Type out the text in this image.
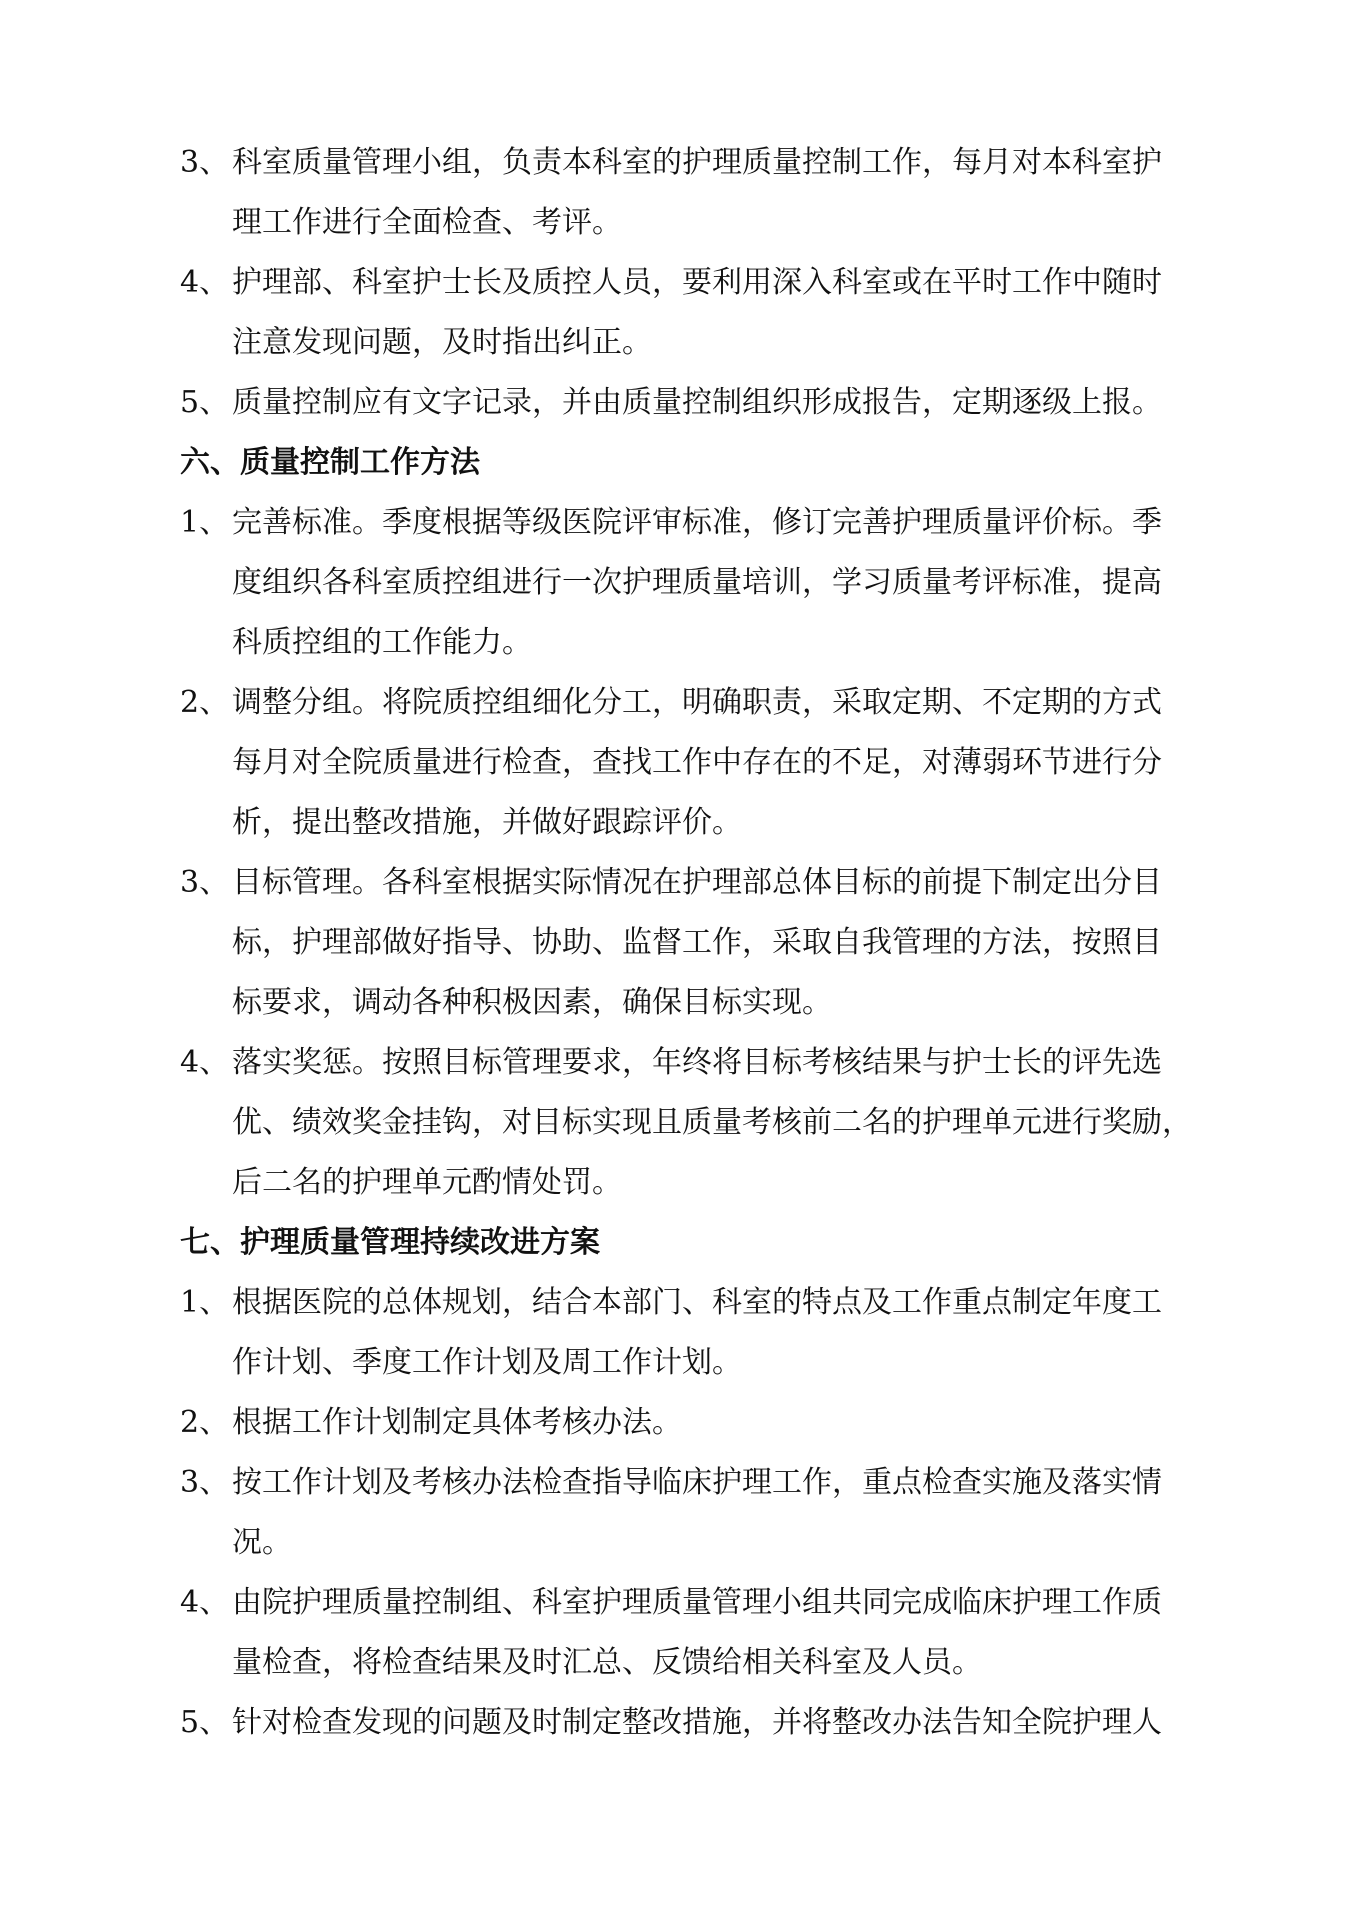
3、 科室质量管理小组，负责本科室的护理质量控制工作，每月对本科室护
理工作进行全面检查、考评。
4、 护理部、科室护士长及质控人员，要利用深入科室或在平时工作中随时
注意发现问题，及时指出纠正。
5、 质量控制应有文字记录，并由质量控制组织形成报告，定期逐级上报。
六、质量控制工作方法
1、 完善标准。季度根据等级医院评审标准，修订完善护理质量评价标。季
度组织各科室质控组进行一次护理质量培训，学习质量考评标准，提高
科质控组的工作能力。
2、 调整分组。将院质控组细化分工，明确职责，采取定期、不定期的方式
每月对全院质量进行检查，查找工作中存在的不足，对薄弱环节进行分
析，提出整改措施，并做好跟踪评价。
3、 目标管理。各科室根据实际情况在护理部总体目标的前提下制定出分目
标，护理部做好指导、协助、监督工作，采取自我管理的方法，按照目
标要求，调动各种积极因素，确保目标实现。
4、 落实奖惩。按照目标管理要求，年终将目标考核结果与护士长的评先选
优、绩效奖金挂钩，对目标实现且质量考核前二名的护理单元进行奖励，
后二名的护理单元酌情处罚。
七、护理质量管理持续改进方案
1、 根据医院的总体规划，结合本部门、科室的特点及工作重点制定年度工
作计划、季度工作计划及周工作计划。
2、 根据工作计划制定具体考核办法。
3、 按工作计划及考核办法检查指导临床护理工作，重点检查实施及落实情
况。
4、 由院护理质量控制组、科室护理质量管理小组共同完成临床护理工作质
量检查，将检查结果及时汇总、反馈给相关科室及人员。
5、 针对检查发现的问题及时制定整改措施，并将整改办法告知全院护理人
